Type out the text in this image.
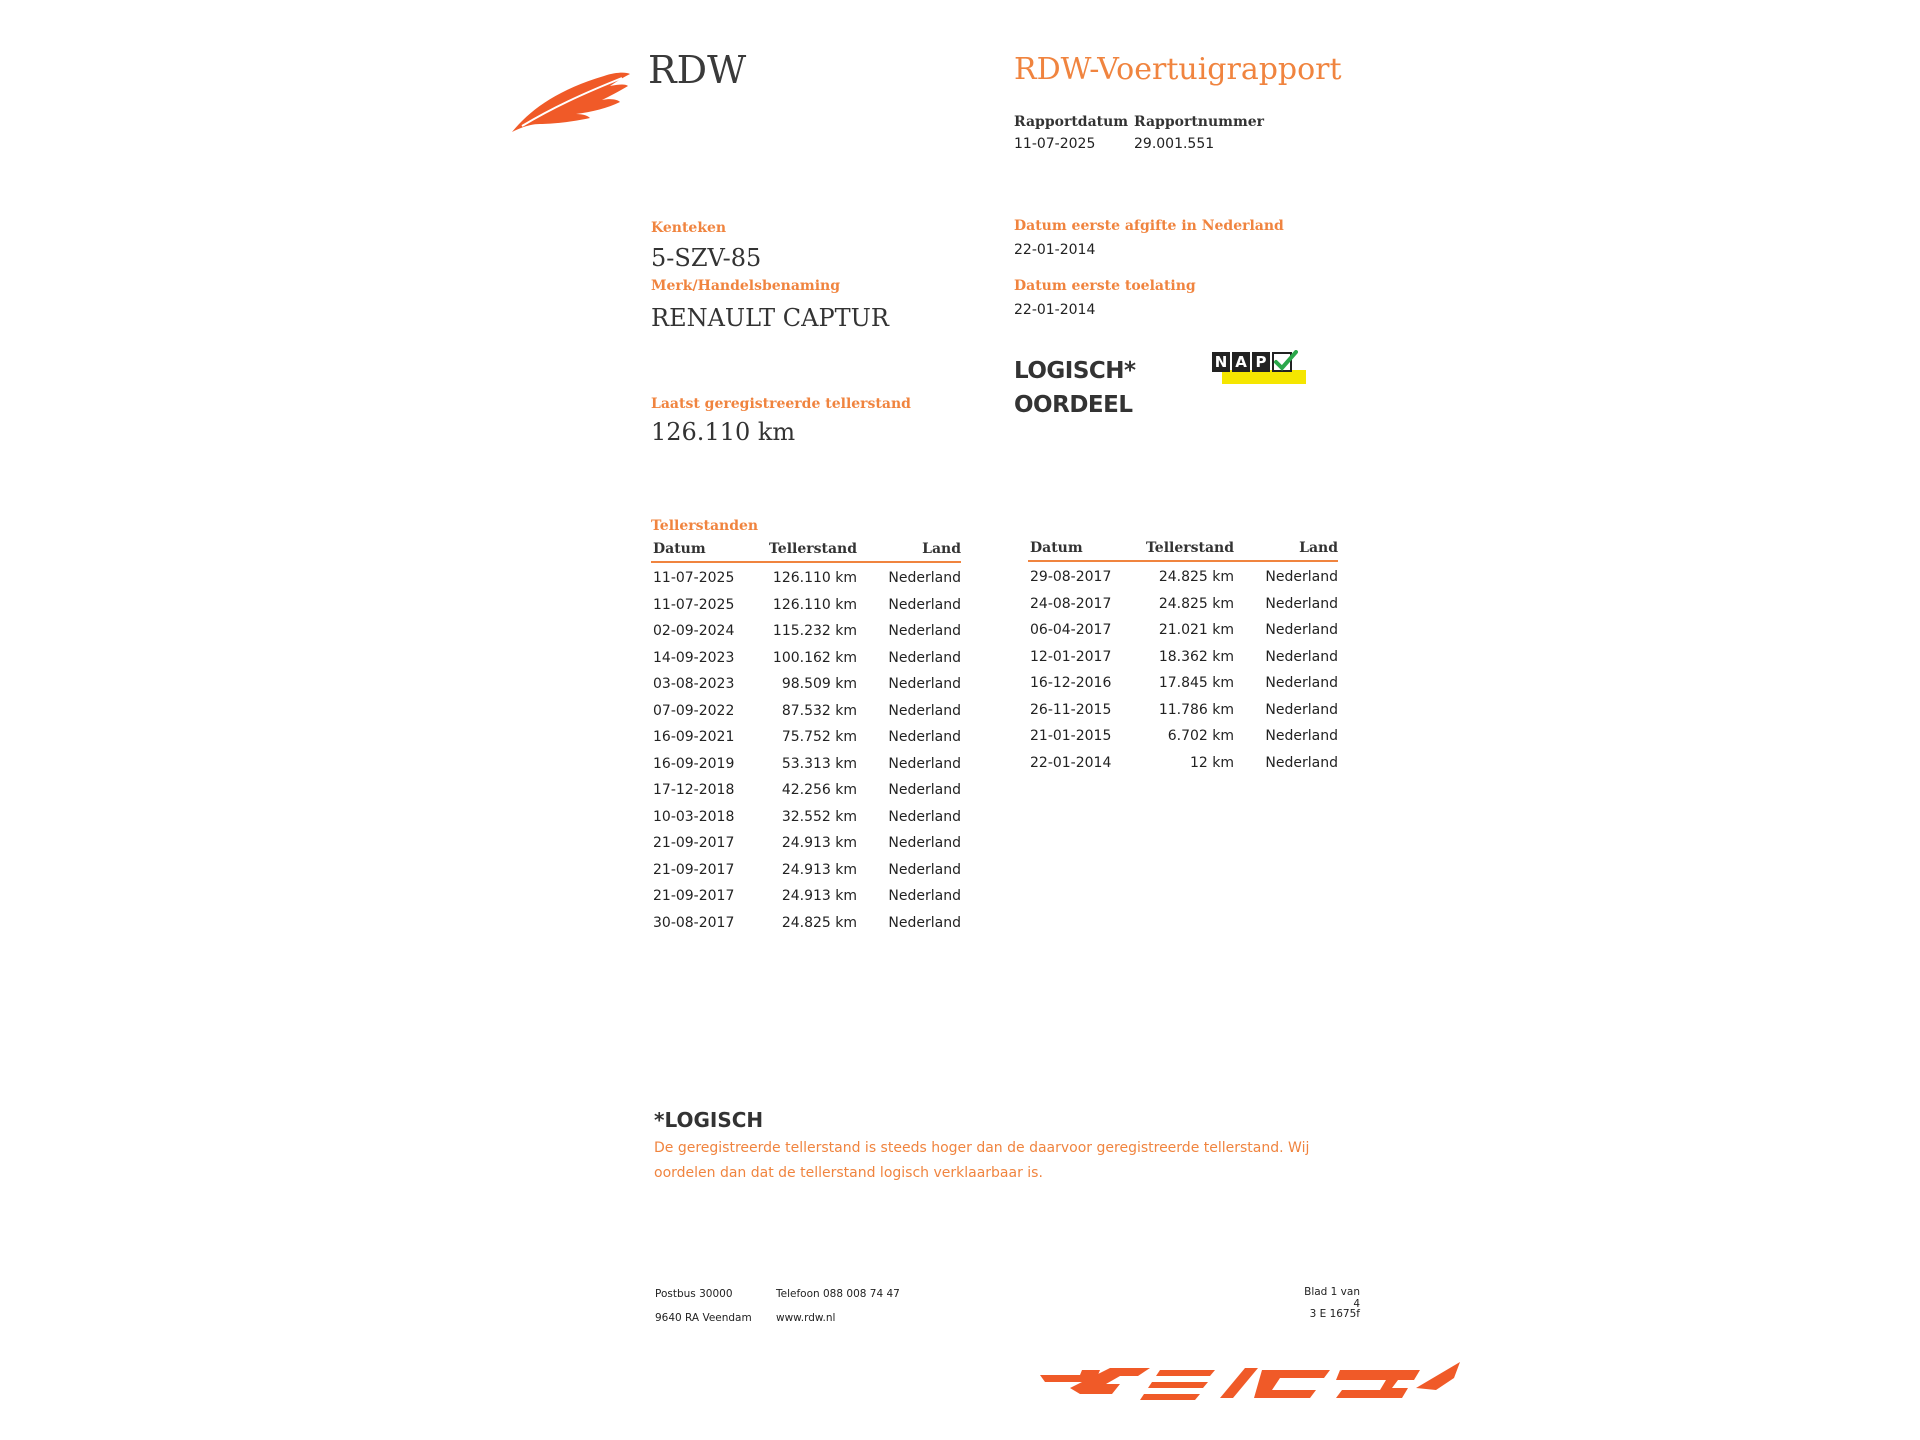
RDW	RDW-Voertuigrapport
Rapportdatum
11-07-2025
Rapportnummer
29.001.551
Kenteken
5-SZV-85
Merk/Handelsbenaming
RENAULT CAPTUR
Laatst geregistreerde tellerstand
126.110 km
Datum eerste afgifte in Nederland
22-01-2014
Datum eerste toelating
22-01-2014
LOGISCH*
OORDEEL
N A P
Tellerstanden
Datum	Tellerstand	Land
11-07-2025	126.110 km Nederland
11-07-2025	126.110 km Nederland
02-09-2024	115.232 km Nederland
14-09-2023	100.162 km Nederland
03-08-2023	98.509 km Nederland
07-09-2022	87.532 km Nederland
16-09-2021	75.752 km Nederland
16-09-2019	53.313 km Nederland
17-12-2018	42.256 km Nederland
10-03-2018	32.552 km Nederland
21-09-2017	24.913 km Nederland
21-09-2017	24.913 km Nederland
21-09-2017	24.913 km Nederland
30-08-2017	24.825 km Nederland
Datum	Tellerstand	Land
29-08-2017	24.825 km Nederland
24-08-2017	24.825 km Nederland
06-04-2017	21.021 km Nederland
12-01-2017	18.362 km Nederland
16-12-2016	17.845 km Nederland
26-11-2015	11.786 km Nederland
21-01-2015	6.702 km Nederland
22-01-2014	12 km Nederland
*LOGISCH
De geregistreerde tellerstand is steeds hoger dan de daarvoor geregistreerde tellerstand. Wij oordelen dan dat de tellerstand logisch verklaarbaar is.
Postbus 30000
9640 RA Veendam
Telefoon 088 008 74 47
www.rdw.nl
Blad 1 van 4
3 E 1675f
